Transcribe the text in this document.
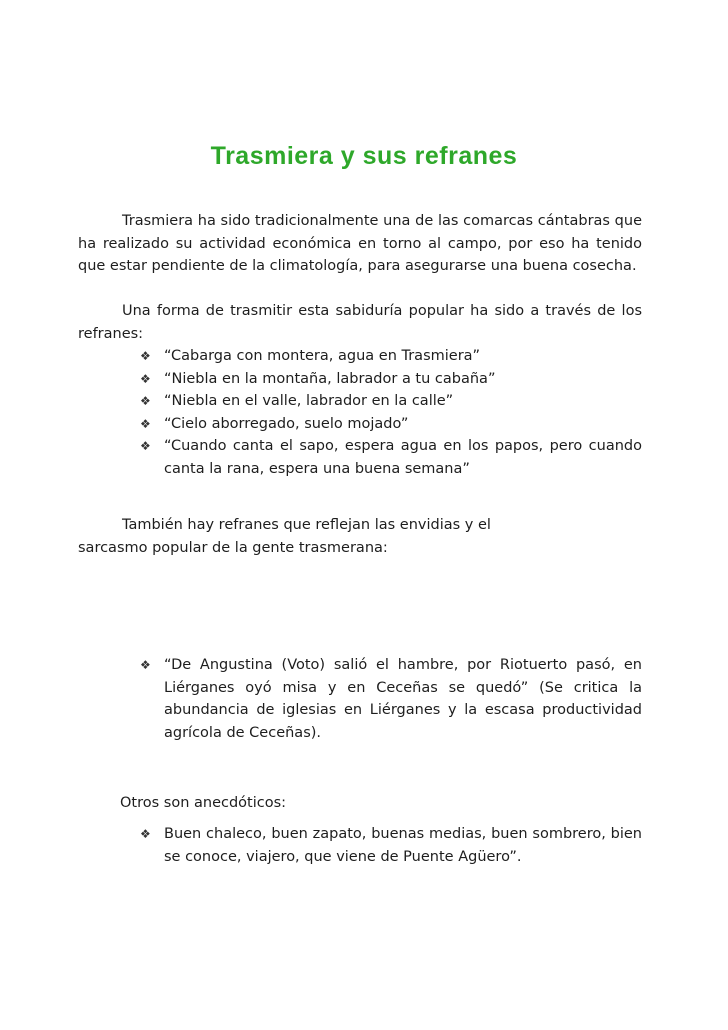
Trasmiera y sus refranes

Trasmiera ha sido tradicionalmente una de las comarcas cántabras que ha realizado su actividad económica en torno al campo, por eso ha tenido que estar pendiente de la climatología, para asegurarse una buena cosecha.

Una forma de trasmitir esta sabiduría popular ha sido a través de los refranes:

❖ “Cabarga con montera, agua en Trasmiera”
❖ “Niebla en la montaña, labrador a tu cabaña”
❖ “Niebla en el valle, labrador en la calle”
❖ “Cielo aborregado, suelo mojado”
❖ “Cuando canta el sapo, espera agua en los papos, pero cuando canta la rana, espera una buena semana”

También hay refranes que reflejan las envidias y el sarcasmo popular de la gente trasmerana:

❖ “De Angustina (Voto) salió el hambre, por Riotuerto pasó, en Liérganes oyó misa y en Ceceñas se quedó” (Se critica la abundancia de iglesias en Liérganes y la escasa productividad agrícola de Ceceñas).

Otros son anecdóticos:

❖ Buen chaleco, buen zapato, buenas medias, buen sombrero, bien se conoce, viajero, que viene de Puente Agüero”.
